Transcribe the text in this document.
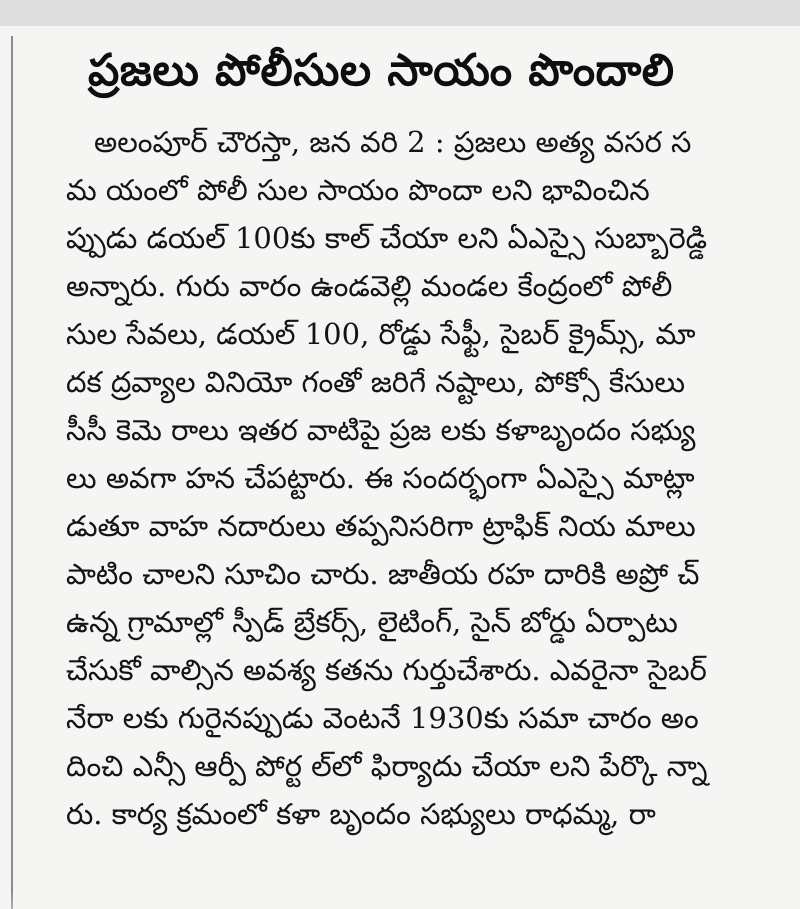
ప్రజలు పోలీసుల సాయం పొందాలి
అలంపూర్ చౌరస్తా, జన వరి 2 : ప్రజలు అత్య వసర స
మ యంలో పోలీ సుల సాయం పొందా లని భావించిన
ప్పుడు డయల్ 100కు కాల్ చేయా లని ఏఎస్సై సుబ్బారెడ్డి
అన్నారు. గురు వారం ఉండవెల్లి మండల కేంద్రంలో పోలీ
సుల సేవలు, డయల్ 100, రోడ్డు సేఫ్టీ, సైబర్ క్రైమ్స్, మా
దక ద్రవ్యాల వినియో గంతో జరిగే నష్టాలు, పోక్సో కేసులు
సీసీ కెమె రాలు ఇతర వాటిపై ప్రజ లకు కళాబృందం సభ్యు
లు అవగా హన చేపట్టారు. ఈ సందర్భంగా ఏఎస్సై మాట్లా
డుతూ వాహ నదారులు తప్పనిసరిగా ట్రాఫిక్ నియ మాలు
పాటిం చాలని సూచిం చారు. జాతీయ రహ దారికి అప్రో చ్
ఉన్న గ్రామాల్లో స్పీడ్ బ్రేకర్స్, లైటింగ్, సైన్ బోర్డు ఏర్పాటు
చేసుకో వాల్సిన అవశ్య కతను గుర్తుచేశారు. ఎవరైనా సైబర్
నేరా లకు గురైనప్పుడు వెంటనే 1930కు సమా చారం అం
దించి ఎన్సీ ఆర్పీ పోర్ట ల్‌లో ఫిర్యాదు చేయా లని పేర్కొ న్నా
రు. కార్య క్రమంలో కళా బృందం సభ్యులు రాధమ్మ, రా
